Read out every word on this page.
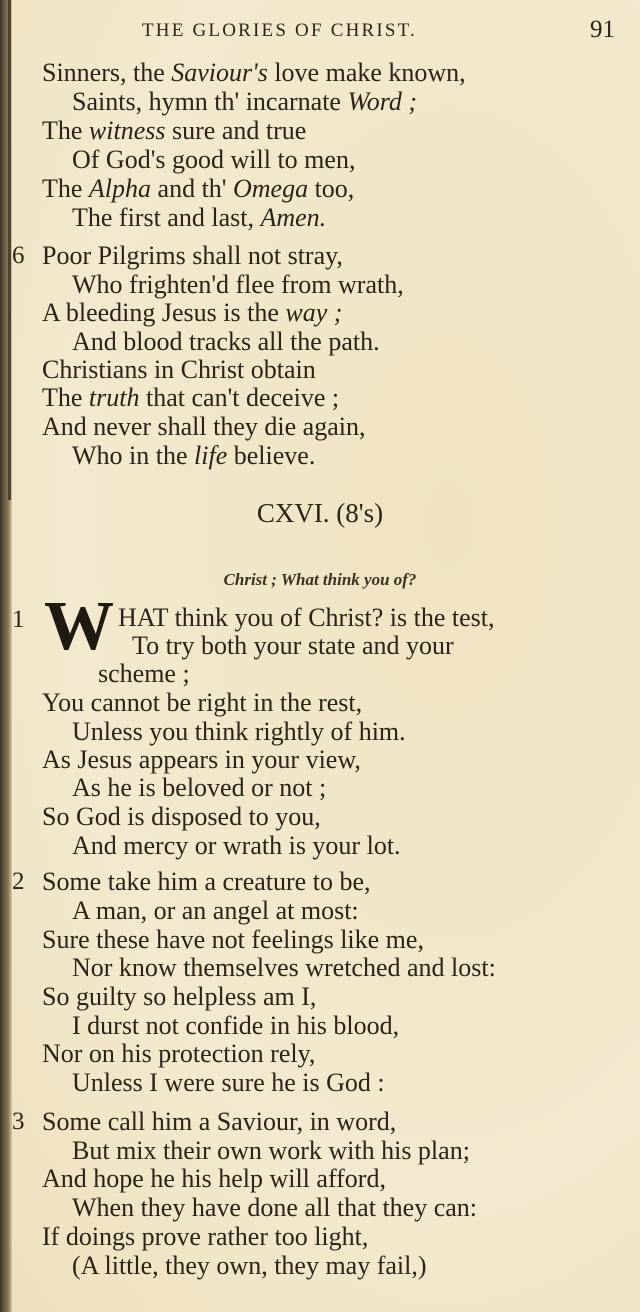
THE GLORIES OF CHRIST.	91
Sinners, the Saviour's love make known,
Saints, hymn th' incarnate Word ;
The witness sure and true
Of God's good will to men,
The Alpha and th' Omega too,
The first and last, Amen.
6 Poor Pilgrims shall not stray,
Who frighten'd flee from wrath,
A bleeding Jesus is the way ;
And blood tracks all the path.
Christians in Christ obtain
The truth that can't deceive ;
And never shall they die again,
Who in the life believe.
CXVI. (8's)
Christ ; What think you of?
1 W HAT think you of Christ? is the test,
To try both your state and your
scheme ;
You cannot be right in the rest,
Unless you think rightly of him.
As Jesus appears in your view,
As he is beloved or not ;
So God is disposed to you,
And mercy or wrath is your lot.
2 Some take him a creature to be,
A man, or an angel at most:
Sure these have not feelings like me,
Nor know themselves wretched and lost:
So guilty so helpless am I,
I durst not confide in his blood,
Nor on his protection rely,
Unless I were sure he is God :
3 Some call him a Saviour, in word,
But mix their own work with his plan;
And hope he his help will afford,
When they have done all that they can:
If doings prove rather too light,
(A little, they own, they may fail,)
